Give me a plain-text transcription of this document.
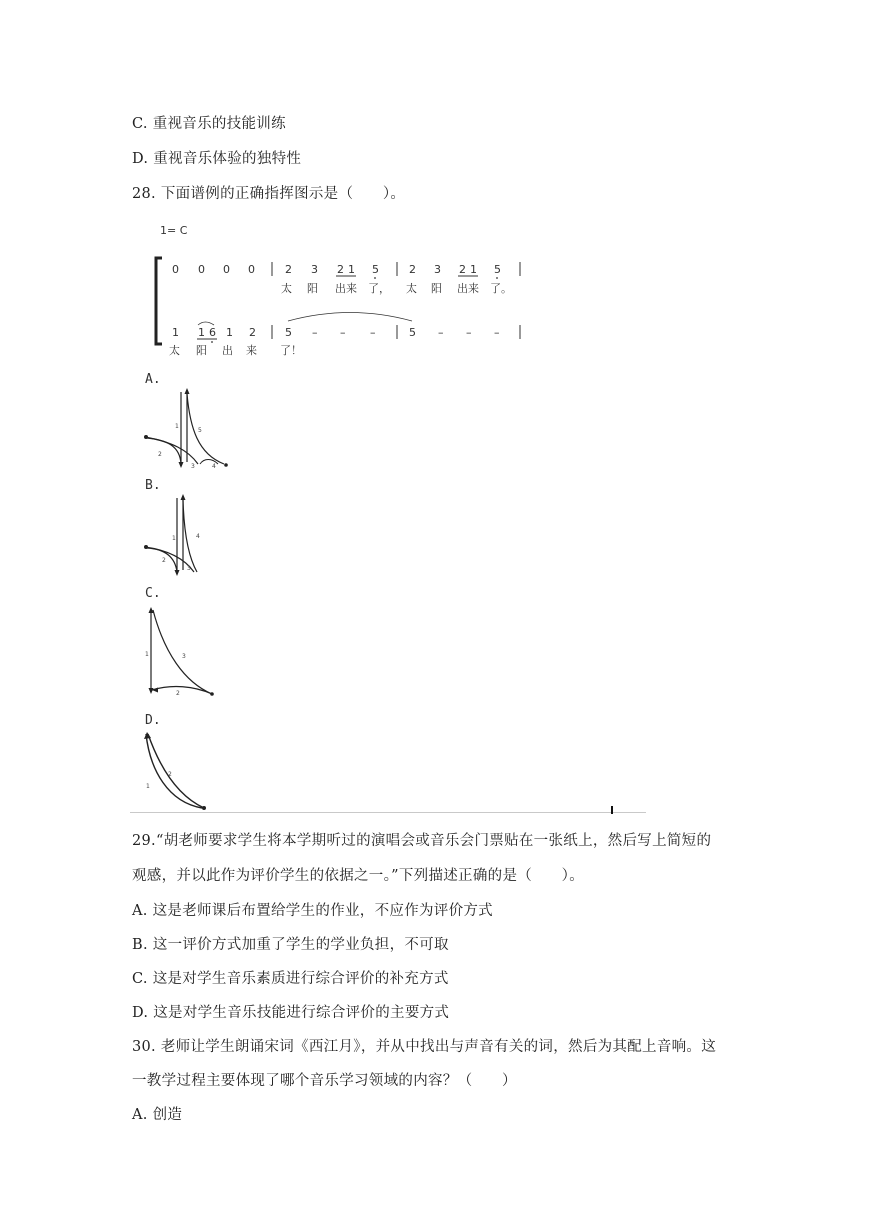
C. 重视音乐的技能训练
D. 重视音乐体验的独特性
28. 下面谱例的正确指挥图示是（　　）。
1= C
0 0 0 0	2 3 2 1 5	2 3 2 1 5
太 阳 出来 了， 太 阳 出来 了。
1 1 6 1 2	5 – – –	5 – – –
太 阳 出 来 了！
A.
1
2
3	4
5
B.
1
2
3
4
C.
1
2
3
D.
1
2
29.“胡老师要求学生将本学期听过的演唱会或音乐会门票贴在一张纸上，然后写上简短的
观感，并以此作为评价学生的依据之一。”下列描述正确的是（　　）。
A. 这是老师课后布置给学生的作业，不应作为评价方式
B. 这一评价方式加重了学生的学业负担，不可取
C. 这是对学生音乐素质进行综合评价的补充方式
D. 这是对学生音乐技能进行综合评价的主要方式
30. 老师让学生朗诵宋词《西江月》，并从中找出与声音有关的词，然后为其配上音响。这
一教学过程主要体现了哪个音乐学习领域的内容？（　　）
A. 创造
